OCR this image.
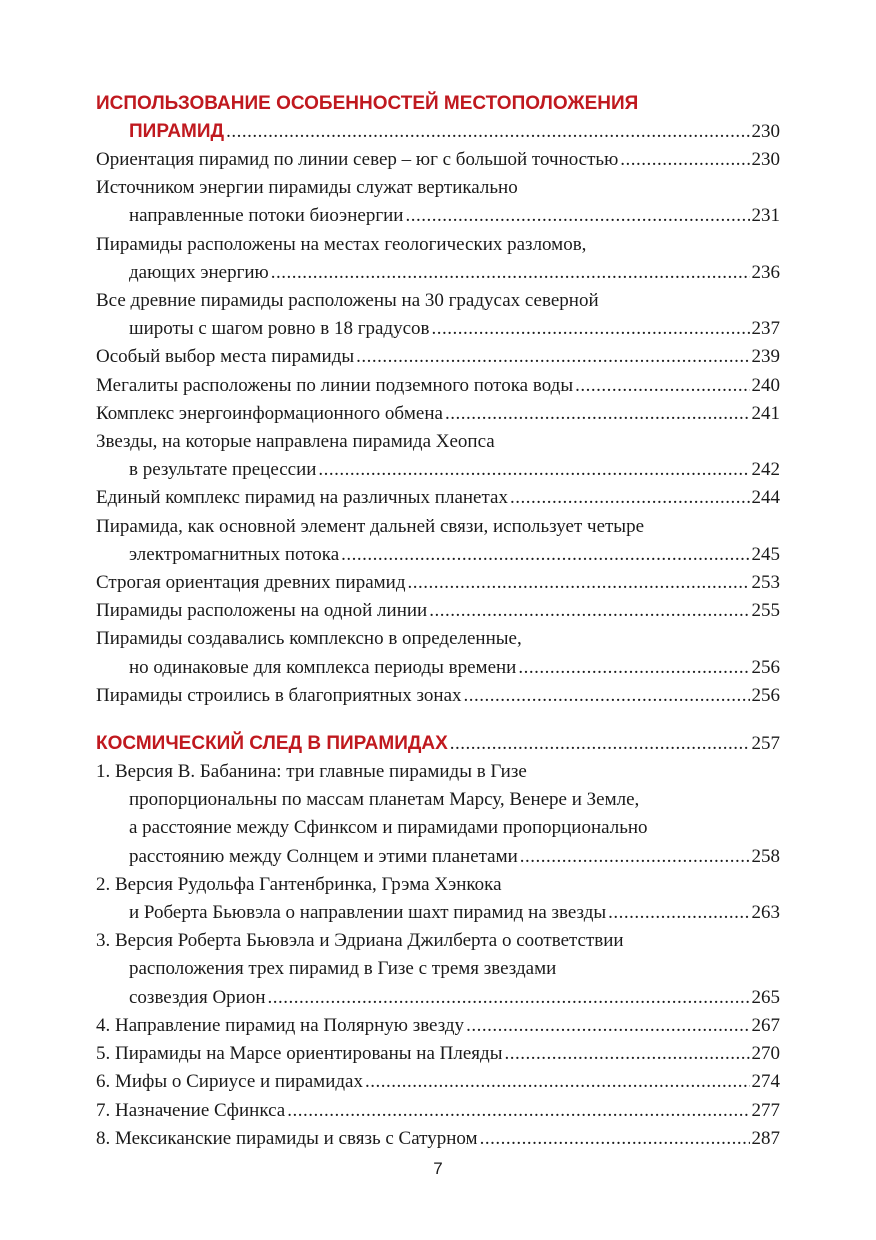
ИСПОЛЬЗОВАНИЕ ОСОБЕННОСТЕЙ МЕСТОПОЛОЖЕНИЯ
ПИРАМИД .....	230
Ориентация пирамид по линии север – юг с большой точностью .....	230
Источником энергии пирамиды служат вертикально
направленные потоки биоэнергии .....	231
Пирамиды расположены на местах геологических разломов,
дающих энергию .....	236
Все древние пирамиды расположены на 30 градусах северной
широты с шагом ровно в 18 градусов .....	237
Особый выбор места пирамиды .....	239
Мегалиты расположены по линии подземного потока воды .....	240
Комплекс энергоинформационного обмена .....	241
Звезды, на которые направлена пирамида Хеопса
в результате прецессии .....	242
Единый комплекс пирамид на различных планетах .....	244
Пирамида, как основной элемент дальней связи, использует четыре
электромагнитных потока .....	245
Строгая ориентация древних пирамид .....	253
Пирамиды расположены на одной линии .....	255
Пирамиды создавались комплексно в определенные,
но одинаковые для комплекса периоды времени .....	256
Пирамиды строились в благоприятных зонах .....	256
КОСМИЧЕСКИЙ СЛЕД В ПИРАМИДАХ .....	257
1. Версия В. Бабанина: три главные пирамиды в Гизе
пропорциональны по массам планетам Марсу, Венере и Земле,
а расстояние между Сфинксом и пирамидами пропорционально
расстоянию между Солнцем и этими планетами .....	258
2. Версия Рудольфа Гантенбринка, Грэма Хэнкока
и Роберта Бьювэла о направлении шахт пирамид на звезды .....	263
3. Версия Роберта Бьювэла и Эдриана Джилберта о соответствии
расположения трех пирамид в Гизе с тремя звездами
созвездия Орион .....	265
4. Направление пирамид на Полярную звезду .....	267
5. Пирамиды на Марсе ориентированы на Плеяды .....	270
6. Мифы о Сириусе и пирамидах .....	274
7. Назначение Сфинкса .....	277
8. Мексиканские пирамиды и связь с Сатурном .....	287
7
